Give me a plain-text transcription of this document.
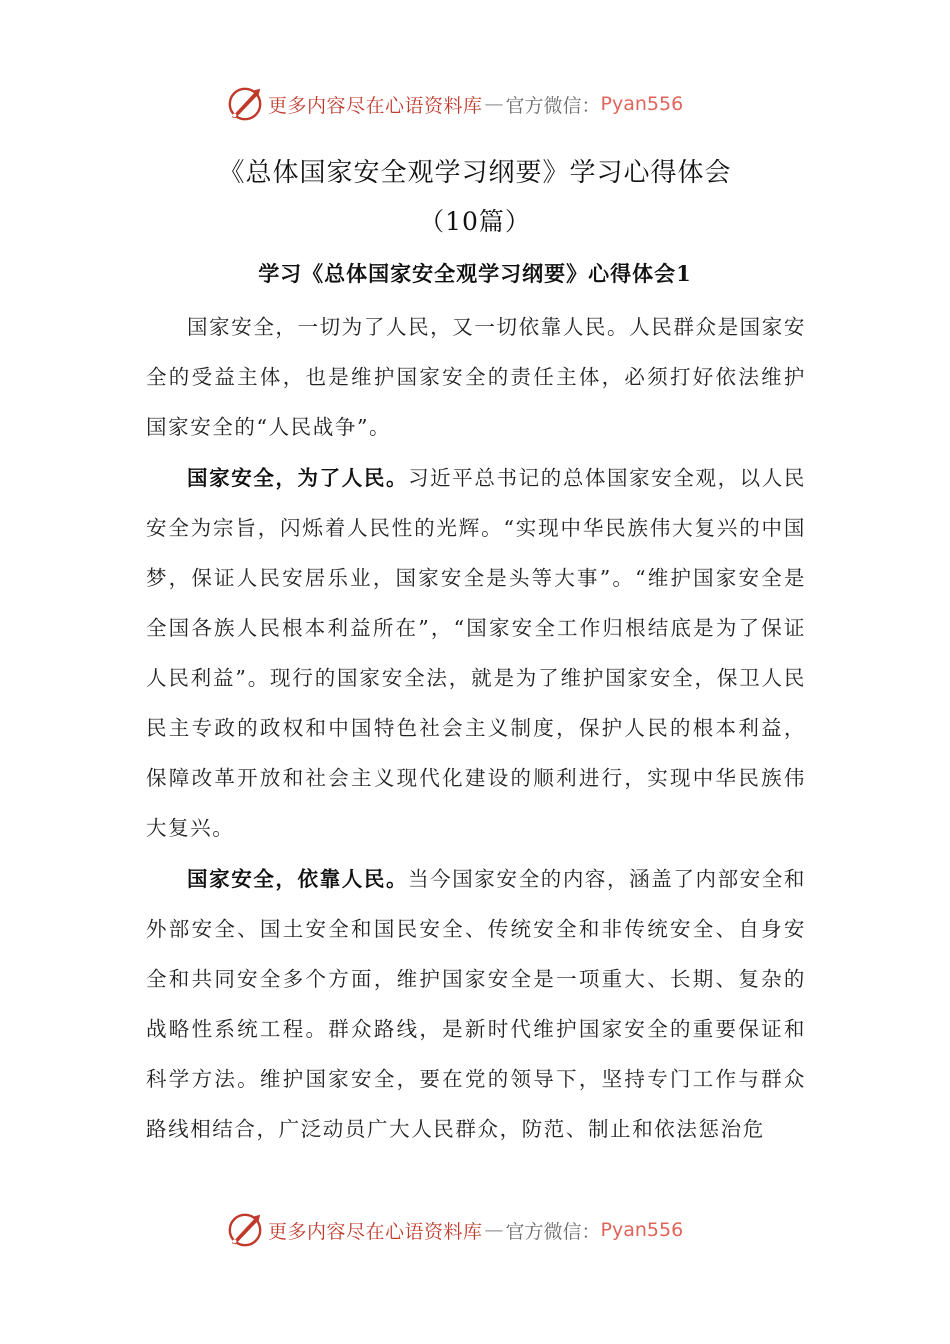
更多内容尽在心语资料库 — 官方微信： Pyan556
《总体国家安全观学习纲要》学习心得体会
（10篇）
学习《总体国家安全观学习纲要》心得体会1

国家安全，一切为了人民，又一切依靠人民。人民群众是国家安全的受益主体，也是维护国家安全的责任主体，必须打好依法维护国家安全的“人民战争”。

国家安全，为了人民。习近平总书记的总体国家安全观，以人民安全为宗旨，闪烁着人民性的光辉。“实现中华民族伟大复兴的中国梦，保证人民安居乐业，国家安全是头等大事”。“维护国家安全是全国各族人民根本利益所在”，“国家安全工作归根结底是为了保证人民利益”。现行的国家安全法，就是为了维护国家安全，保卫人民民主专政的政权和中国特色社会主义制度，保护人民的根本利益，保障改革开放和社会主义现代化建设的顺利进行，实现中华民族伟大复兴。

国家安全，依靠人民。当今国家安全的内容，涵盖了内部安全和外部安全、国土安全和国民安全、传统安全和非传统安全、自身安全和共同安全多个方面，维护国家安全是一项重大、长期、复杂的战略性系统工程。群众路线，是新时代维护国家安全的重要保证和科学方法。维护国家安全，要在党的领导下，坚持专门工作与群众路线相结合，广泛动员广大人民群众，防范、制止和依法惩治危

更多内容尽在心语资料库 — 官方微信： Pyan556
